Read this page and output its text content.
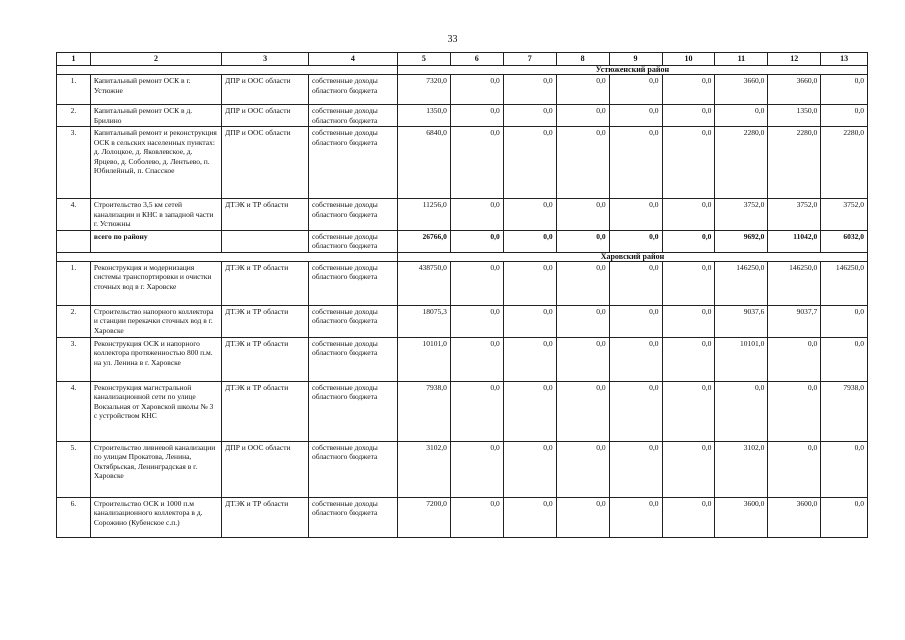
33
1	2	3	4	5	6	7	8	9	10	11	12	13
				Устюженский район								
1.	Капитальный ремонт ОСК в г. Устюжне	ДПР и ООС области	собственные доходы областного бюджета	7320,0	0,0	0,0	0,0	0,0	0,0	3660,0	3660,0	0,0
2.	Капитальный ремонт ОСК в д. Брилино	ДПР и ООС области	собственные доходы областного бюджета	1350,0	0,0	0,0	0,0	0,0	0,0	0,0	1350,0	0,0
3.	Капитальный ремонт и реконструкция ОСК в сельских населенных пунктах: д. Лолоцкое, д. Яковлевское, д. Ярцево, д. Соболево, д. Лентьево, п. Юбилейный, п. Спасское	ДПР и ООС области	собственные доходы областного бюджета	6840,0	0,0	0,0	0,0	0,0	0,0	2280,0	2280,0	2280,0
4.	Строительство 3,5 км сетей канализации и КНС в западной части г. Устюжны	ДТЭК и ТР области	собственные доходы областного бюджета	11256,0	0,0	0,0	0,0	0,0	0,0	3752,0	3752,0	3752,0
	всего по району		собственные доходы областного бюджета	26766,0	0,0	0,0	0,0	0,0	0,0	9692,0	11042,0	6032,0
				Харовский район								
1.	Реконструкция и модернизация системы транспортировки и очистки сточных вод в г. Харовске	ДТЭК и ТР области	собственные доходы областного бюджета	438750,0	0,0	0,0	0,0	0,0	0,0	146250,0	146250,0	146250,0
2.	Строительство напорного коллектора и станции перекачки сточных вод в г. Харовске	ДТЭК и ТР области	собственные доходы областного бюджета	18075,3	0,0	0,0	0,0	0,0	0,0	9037,6	9037,7	0,0
3.	Реконструкция ОСК и напорного коллектора протяженностью 800 п.м. на ул. Ленина в г. Харовске	ДТЭК и ТР области	собственные доходы областного бюджета	10101,0	0,0	0,0	0,0	0,0	0,0	10101,0	0,0	0,0
4.	Реконструкция магистральной канализационной сети по улице Вокзальная от Харовской школы № 3 с устройством КНС	ДТЭК и ТР области	собственные доходы областного бюджета	7938,0	0,0	0,0	0,0	0,0	0,0	0,0	0,0	7938,0
5.	Строительство ливневой канализации по улицам Прокатова, Ленина, Октябрьская, Ленинградская в г. Харовске	ДПР и ООС области	собственные доходы областного бюджета	3102,0	0,0	0,0	0,0	0,0	0,0	3102,0	0,0	0,0
6.	Строительство ОСК и 1000 п.м канализационного коллектора в д. Сорожино (Кубенское с.п.)	ДТЭК и ТР области	собственные доходы областного бюджета	7200,0	0,0	0,0	0,0	0,0	0,0	3600,0	3600,0	0,0
